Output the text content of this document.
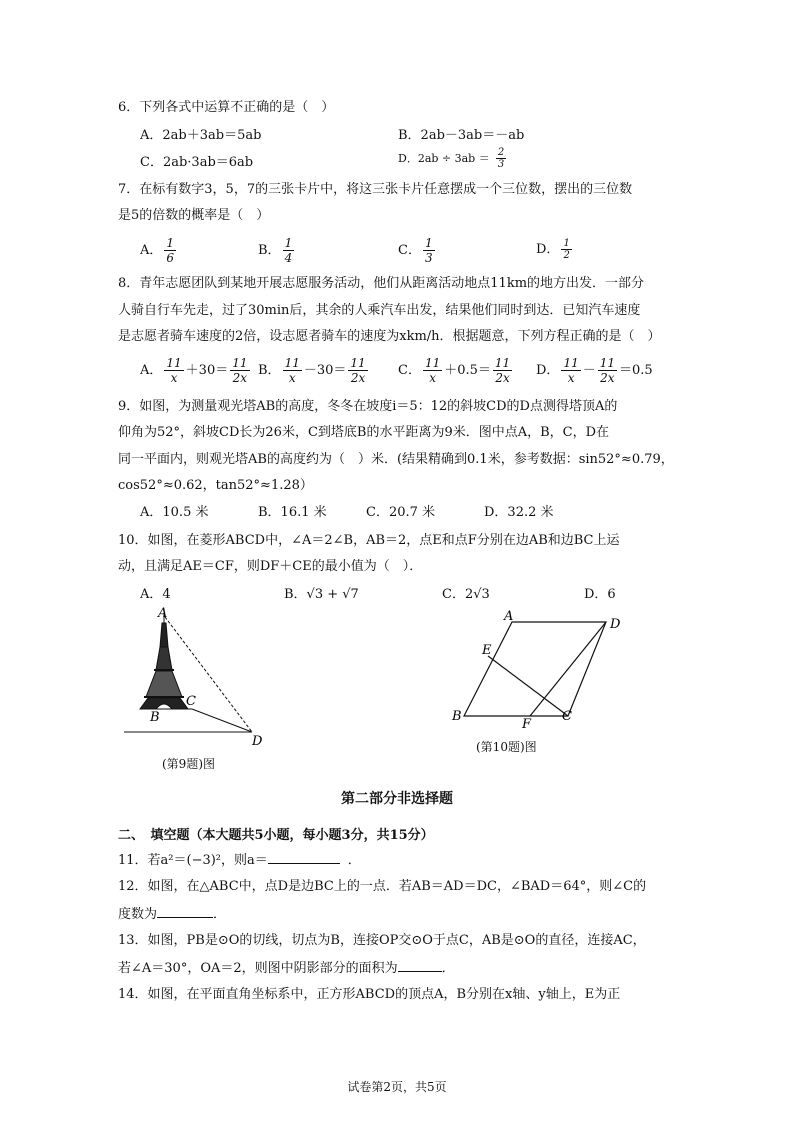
6．下列各式中运算不正确的是（　）
A．2ab＋3ab＝5ab	B．2ab－3ab＝－ab
C．2ab·3ab＝6ab	D．$2ab \div 3ab = \frac{2}{3}$
7．在标有数字3，5，7的三张卡片中，将这三张卡片任意摆成一个三位数，摆出的三位数
是5的倍数的概率是（　）
A． $\frac{1}{6}$	B． $\frac{1}{4}$	C． $\frac{1}{3}$	D． $\frac{1}{2}$
8．青年志愿团队到某地开展志愿服务活动，他们从距离活动地点11km的地方出发．一部分
人骑自行车先走，过了30min后，其余的人乘汽车出发，结果他们同时到达．已知汽车速度
是志愿者骑车速度的2倍，设志愿者骑车的速度为xkm/h．根据题意，下列方程正确的是（　）
A． $\frac{11}{x} +30= \frac{11}{2x}$ B． $\frac{11}{x} -30= \frac{11}{2x}$ C． $\frac{11}{x} +0.5= \frac{11}{2x}$ D． $\frac{11}{x} - \frac{11}{2x} =0.5$
9．如图，为测量观光塔AB的高度，冬冬在坡度i＝5：12的斜坡CD的D点测得塔顶A的
仰角为52°，斜坡CD长为26米，C到塔底B的水平距离为9米．图中点A，B，C，D在
同一平面内，则观光塔AB的高度约为（　）米．(结果精确到0.1米，参考数据：sin52°≈0.79，
cos52°≈0.62，tan52°≈1.28）
A．10.5 米	B．16.1 米	C．20.7 米	D．32.2 米
10．如图，在菱形ABCD中，∠A＝2∠B，AB＝2，点E和点F分别在边AB和边BC上运
动，且满足AE＝CF，则DF＋CE的最小值为（　）．
A．4	B．√3 + √7	C．2√3	D．6
A
B
C
D
(第9题)图
A
D
E
B
F
C
(第10题)图
第二部分非选择题
二、　填空题（本大题共5小题，每小题3分，共15分）
11．若a²＝(−3)²，则a＝	．
12．如图，在△ABC中，点D是边BC上的一点．若AB＝AD＝DC，∠BAD＝64°，则∠C的
度数为	．
13．如图，PB是⊙O的切线，切点为B，连接OP交⊙O于点C，AB是⊙O的直径，连接AC，
若∠A＝30°，OA＝2，则图中阴影部分的面积为	．
14．如图，在平面直角坐标系中，正方形ABCD的顶点A，B分别在x轴、y轴上，E为正
试卷第2页，共5页
